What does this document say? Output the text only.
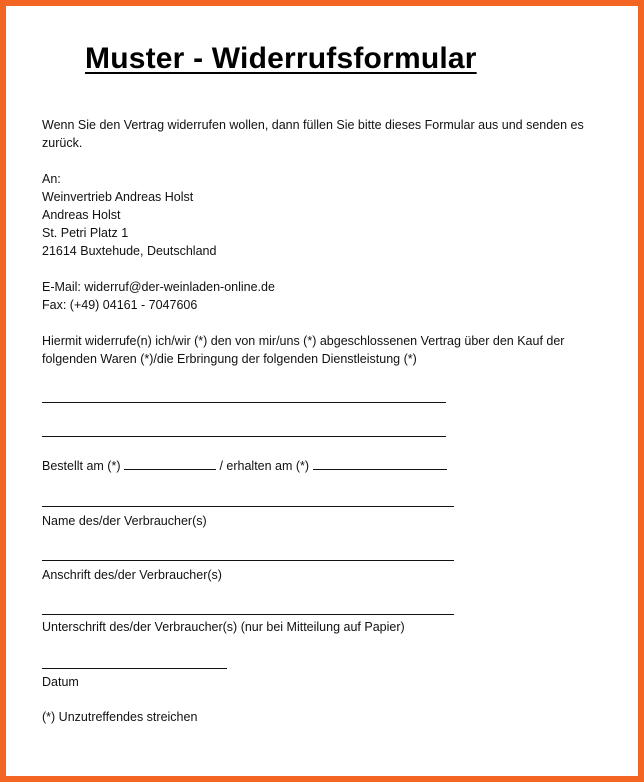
Muster - Widerrufsformular

Wenn Sie den Vertrag widerrufen wollen, dann füllen Sie bitte dieses Formular aus und senden es

zurück.

An:

Weinvertrieb Andreas Holst

Andreas Holst

St. Petri Platz 1

21614 Buxtehude, Deutschland

E-Mail: widerruf@der-weinladen-online.de

Fax: (+49) 04161 - 7047606

Hiermit widerrufe(n) ich/wir (*) den von mir/uns (*) abgeschlossenen Vertrag über den Kauf der

folgenden Waren (*)/die Erbringung der folgenden Dienstleistung (*)

Bestellt am (*)	/ erhalten am (*)

Name des/der Verbraucher(s)

Anschrift des/der Verbraucher(s)

Unterschrift des/der Verbraucher(s) (nur bei Mitteilung auf Papier)

Datum

(*) Unzutreffendes streichen
